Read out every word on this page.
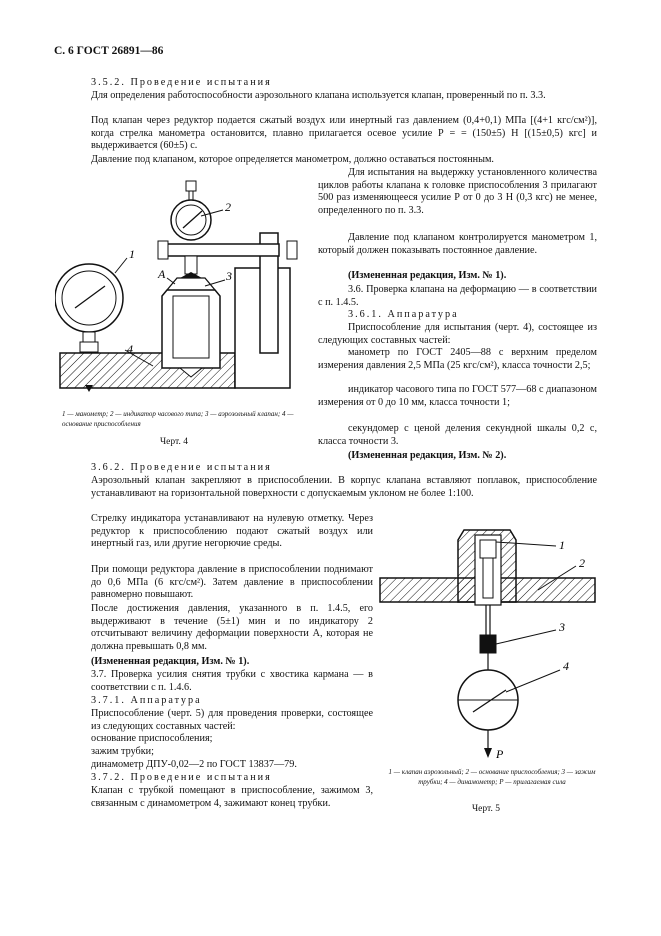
С. 6 ГОСТ 26891—86
3.5.2. Проведение испытания
Для определения работоспособности аэрозольного клапана используется клапан, проверенный по п. 3.3.
Под клапан через редуктор подается сжатый воздух или инертный газ давлением (0,4+0,1) МПа [(4+1 кгс/см²)], когда стрелка манометра остановится, плавно прилагается осевое усилие Р = = (150±5) Н [(15±0,5) кгс] и выдерживается (60±5) с.
Давление под клапаном, которое определяется манометром, должно оставаться постоянным.
Для испытания на выдержку установленного количества циклов работы клапана к головке приспособления 3 прилагают 500 раз изменяющееся усилие Р от 0 до 3 Н (0,3 кгс) не менее, определенного по п. 3.3.
Давление под клапаном контролируется манометром 1, который должен показывать постоянное давление.
(Измененная редакция, Изм. № 1).
3.6. Проверка клапана на деформацию — в соответствии с п. 1.4.5.
3.6.1. Аппаратура
Приспособление для испытания (черт. 4), состоящее из следующих составных частей:
манометр по ГОСТ 2405—88 с верхним пределом измерения давления 2,5 МПа (25 кгс/см²), класса точности 2,5;
индикатор часового типа по ГОСТ 577—68 с диапазоном измерения от 0 до 10 мм, класса точности 1;
секундомер с ценой деления секундной шкалы 0,2 с, класса точности 3.
(Измененная редакция, Изм. № 2).
1
2
3
4
А
1 — манометр; 2 — индикатор часового типа; 3 — аэрозольный клапан; 4 — основание приспособления
Черт. 4
3.6.2. Проведение испытания
Аэрозольный клапан закрепляют в приспособлении. В корпус клапана вставляют поплавок, приспособление устанавливают на горизонтальной поверхности с допускаемым уклоном не более 1:100.
Стрелку индикатора устанавливают на нулевую отметку. Через редуктор к приспособлению подают сжатый воздух или инертный газ, или другие негорючие среды.
При помощи редуктора давление в приспособлении поднимают до 0,6 МПа (6 кгс/см²). Затем давление в приспособлении равномерно повышают.
После достижения давления, указанного в п. 1.4.5, его выдерживают в течение (5±1) мин и по индикатору 2 отсчитывают величину деформации поверхности А, которая не должна превышать 0,8 мм.
(Измененная редакция, Изм. № 1).
3.7. Проверка усилия снятия трубки с хвостика кармана — в соответствии с п. 1.4.6.
3.7.1. Аппаратура
Приспособление (черт. 5) для проведения проверки, состоящее из следующих составных частей:
основание приспособления;
зажим трубки;
динамометр ДПУ-0,02—2 по ГОСТ 13837—79.
3.7.2. Проведение испытания
Клапан с трубкой помещают в приспособление, зажимом 3, связанным с динамометром 4, зажимают конец трубки.
1
2
3
4
Р
1 — клапан аэрозольный; 2 — основание приспособления; 3 — зажим трубки; 4 — динамометр; Р — прилагаемая сила
Черт. 5
